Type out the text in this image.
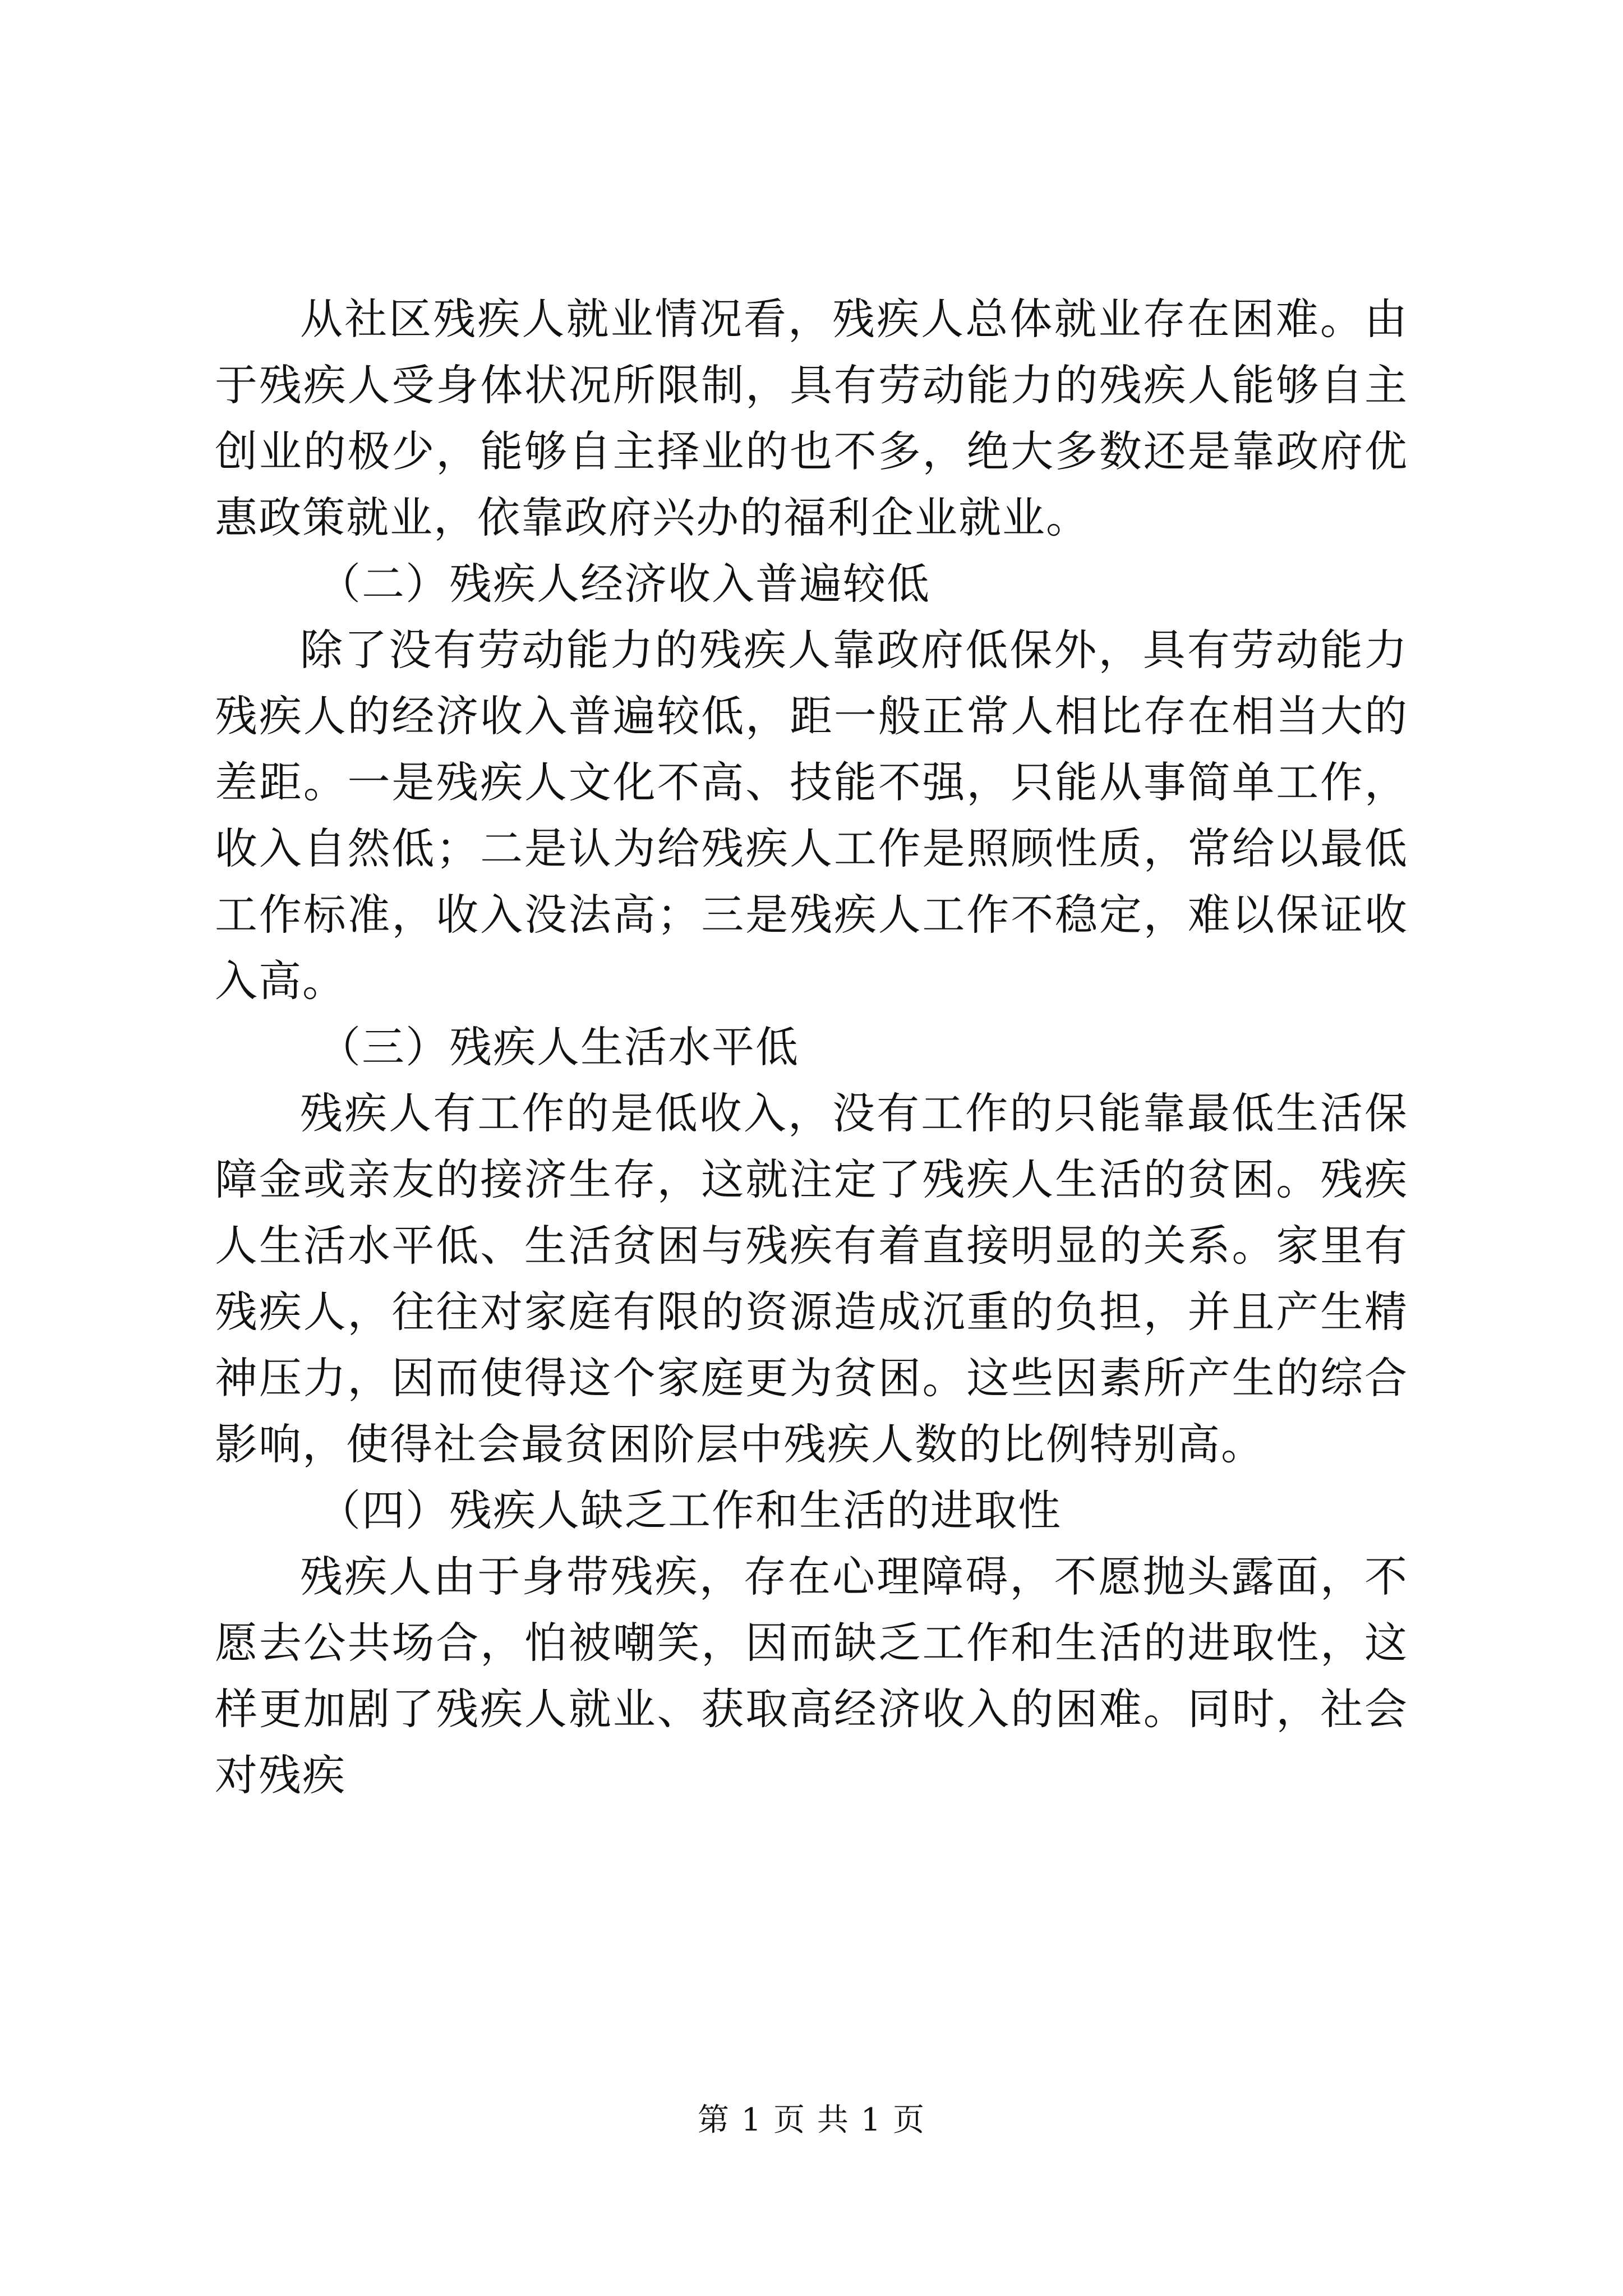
从社区残疾人就业情况看，残疾人总体就业存在困难。由于残疾人受身体状况所限制，具有劳动能力的残疾人能够自主创业的极少，能够自主择业的也不多，绝大多数还是靠政府优惠政策就业，依靠政府兴办的福利企业就业。

（二）残疾人经济收入普遍较低

除了没有劳动能力的残疾人靠政府低保外，具有劳动能力残疾人的经济收入普遍较低，距一般正常人相比存在相当大的差距。一是残疾人文化不高、技能不强，只能从事简单工作，收入自然低；二是认为给残疾人工作是照顾性质，常给以最低工作标准，收入没法高；三是残疾人工作不稳定，难以保证收入高。

（三）残疾人生活水平低

残疾人有工作的是低收入，没有工作的只能靠最低生活保障金或亲友的接济生存，这就注定了残疾人生活的贫困。残疾人生活水平低、生活贫困与残疾有着直接明显的关系。家里有残疾人，往往对家庭有限的资源造成沉重的负担，并且产生精神压力，因而使得这个家庭更为贫困。这些因素所产生的综合影响，使得社会最贫困阶层中残疾人数的比例特别高。

（四）残疾人缺乏工作和生活的进取性

残疾人由于身带残疾，存在心理障碍，不愿抛头露面，不愿去公共场合，怕被嘲笑，因而缺乏工作和生活的进取性，这样更加剧了残疾人就业、获取高经济收入的困难。同时，社会对残疾

第 1 页 共 1 页
